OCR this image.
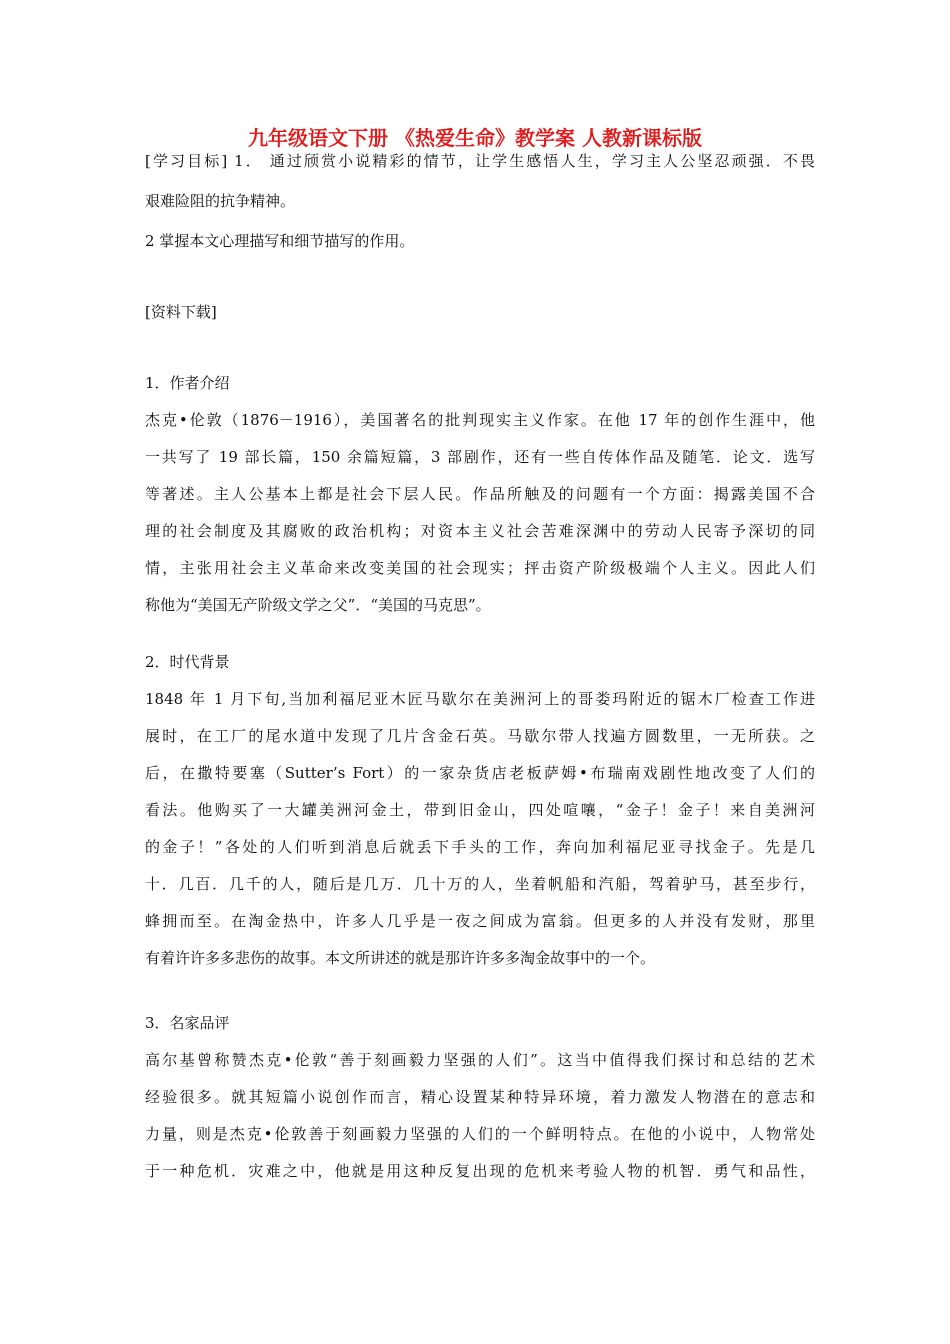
九年级语文下册 《热爱生命》教学案 人教新课标版
[学习目标] 1． 通过颀赏小说精彩的情节，让学生感悟人生，学习主人公坚忍顽强．不畏
艰难险阻的抗争精神。
2 掌握本文心理描写和细节描写的作用。
[资料下载]
1．作者介绍
杰克•伦敦（1876－1916），美国著名的批判现实主义作家。在他 17 年的创作生涯中，他
一共写了 19 部长篇，150 余篇短篇，3 部剧作，还有一些自传体作品及随笔．论文．选写
等著述。主人公基本上都是社会下层人民。作品所触及的问题有一个方面：揭露美国不合
理的社会制度及其腐败的政治机构；对资本主义社会苦难深渊中的劳动人民寄予深切的同
情，主张用社会主义革命来改变美国的社会现实；抨击资产阶级极端个人主义。因此人们
称他为“美国无产阶级文学之父”．“美国的马克思”。
2．时代背景
1848 年 1 月下旬,当加利福尼亚木匠马歇尔在美洲河上的哥娄玛附近的锯木厂检查工作进
展时，在工厂的尾水道中发现了几片含金石英。马歇尔带人找遍方圆数里，一无所获。之
后，在撒特要塞（Sutter’s Fort）的一家杂货店老板萨姆•布瑞南戏剧性地改变了人们的
看法。他购买了一大罐美洲河金土，带到旧金山，四处喧嚷，“金子！金子！来自美洲河
的金子！”各处的人们听到消息后就丢下手头的工作，奔向加利福尼亚寻找金子。先是几
十．几百．几千的人，随后是几万．几十万的人，坐着帆船和汽船，驾着驴马，甚至步行，
蜂拥而至。在淘金热中，许多人几乎是一夜之间成为富翁。但更多的人并没有发财，那里
有着许许多多悲伤的故事。本文所讲述的就是那许许多多淘金故事中的一个。
3．名家品评
高尔基曾称赞杰克•伦敦“善于刻画毅力坚强的人们”。这当中值得我们探讨和总结的艺术
经验很多。就其短篇小说创作而言，精心设置某种特异环境，着力激发人物潜在的意志和
力量，则是杰克•伦敦善于刻画毅力坚强的人们的一个鲜明特点。在他的小说中，人物常处
于一种危机．灾难之中，他就是用这种反复出现的危机来考验人物的机智．勇气和品性，
